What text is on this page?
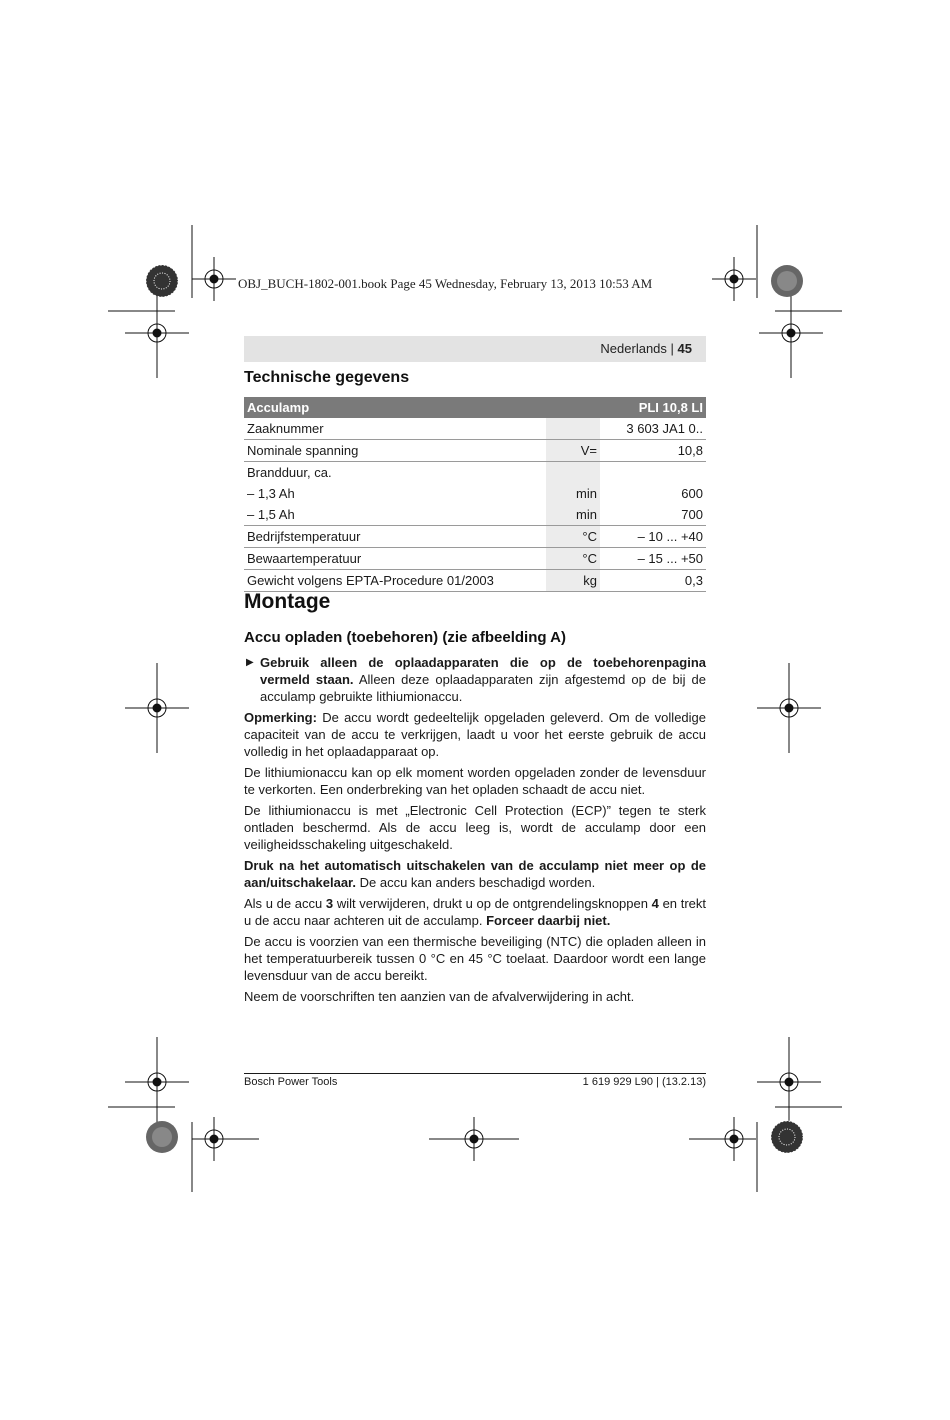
OBJ_BUCH-1802-001.book Page 45 Wednesday, February 13, 2013 10:53 AM
Nederlands | 45
Technische gegevens
Acculamp		PLI 10,8 LI
Zaaknummer		3 603 JA1 0..
Nominale spanning	V=	10,8
Brandduur, ca.		
– 1,3 Ah	min	600
– 1,5 Ah	min	700
Bedrijfstemperatuur	°C	– 10 ... +40
Bewaartemperatuur	°C	– 15 ... +50
Gewicht volgens EPTA-Procedure 01/2003	kg	0,3
Montage
Accu opladen (toebehoren) (zie afbeelding A)

▶ Gebruik alleen de oplaadapparaten die op de toebehorenpagina vermeld staan. Alleen deze oplaadapparaten zijn afgestemd op de bij de acculamp gebruikte lithiumionaccu.

Opmerking: De accu wordt gedeeltelijk opgeladen geleverd. Om de volledige capaciteit van de accu te verkrijgen, laadt u voor het eerste gebruik de accu volledig in het oplaadapparaat op.

De lithiumionaccu kan op elk moment worden opgeladen zonder de levensduur te verkorten. Een onderbreking van het opladen schaadt de accu niet.

De lithiumionaccu is met „Electronic Cell Protection (ECP)” tegen te sterk ontladen beschermd. Als de accu leeg is, wordt de acculamp door een veiligheidsschakeling uitgeschakeld.

Druk na het automatisch uitschakelen van de acculamp niet meer op de aan/uitschakelaar. De accu kan anders beschadigd worden.

Als u de accu 3 wilt verwijderen, drukt u op de ontgrendelingsknoppen 4 en trekt u de accu naar achteren uit de acculamp. Forceer daarbij niet.

De accu is voorzien van een thermische beveiliging (NTC) die opladen alleen in het temperatuurbereik tussen 0 °C en 45 °C toelaat. Daardoor wordt een lange levensduur van de accu bereikt.

Neem de voorschriften ten aanzien van de afvalverwijdering in acht.

Bosch Power Tools	1 619 929 L90 | (13.2.13)
